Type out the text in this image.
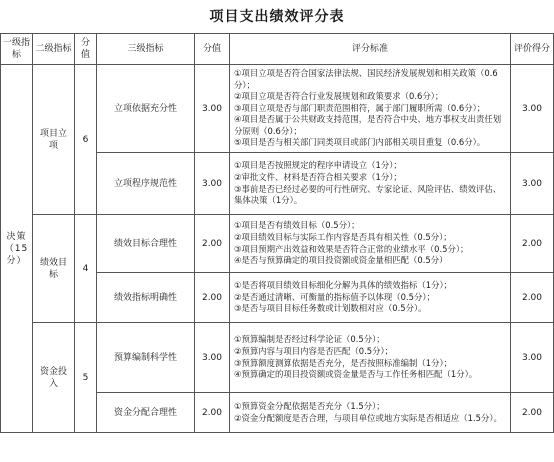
项目支出绩效评分表
一级指标	二级指标	分值	三级指标	分值	评分标准	评价得分
决策（15分）	项目立项	6	立项依据充分性	3.00	①项目立项是否符合国家法律法规、国民经济发展规划和相关政策（0.6分）；
②项目立项是否符合行业发展规划和政策要求（0.6分）；
③项目立项是否与部门职责范围相符，属于部门履职所需（0.6分）；
④项目是否属于公共财政支持范围，是否符合中央、地方事权支出责任划分原则（0.6分）；
⑤项目是否与相关部门同类项目或部门内部相关项目重复（0.6分）。	3.00
			立项程序规范性	3.00	①项目是否按照规定的程序申请设立（1分）；
②审批文件、材料是否符合相关要求（1分）；
③事前是否已经过必要的可行性研究、专家论证、风险评估、绩效评估、集体决策（1分）。	3.00
	绩效目标	4	绩效目标合理性	2.00	①项目是否有绩效目标（0.5分）；
②项目绩效目标与实际工作内容是否具有相关性（0.5分）；
③项目预期产出效益和效果是否符合正常的业绩水平（0.5分）；
④是否与预算确定的项目投资额或资金量相匹配（0.5分）	2.00
			绩效指标明确性	2.00	①是否将项目绩效目标细化分解为具体的绩效指标（1分）；
②是否通过清晰、可衡量的指标值予以体现（0.5分）；
③是否与项目目标任务数或计划数相对应（0.5分）。	2.00
	资金投入	5	预算编制科学性	3.00	①预算编制是否经过科学论证（0.5分）；
②预算内容与项目内容是否匹配（0.5分）；
③预算额度测算依据是否充分，是否按照标准编制（1分）；
④预算确定的项目投资额或资金量是否与工作任务相匹配（1分）。	3.00
			资金分配合理性	2.00	①预算资金分配依据是否充分（1.5分）；
②资金分配额度是否合理，与项目单位或地方实际是否相适应（1.5分）。	2.00
